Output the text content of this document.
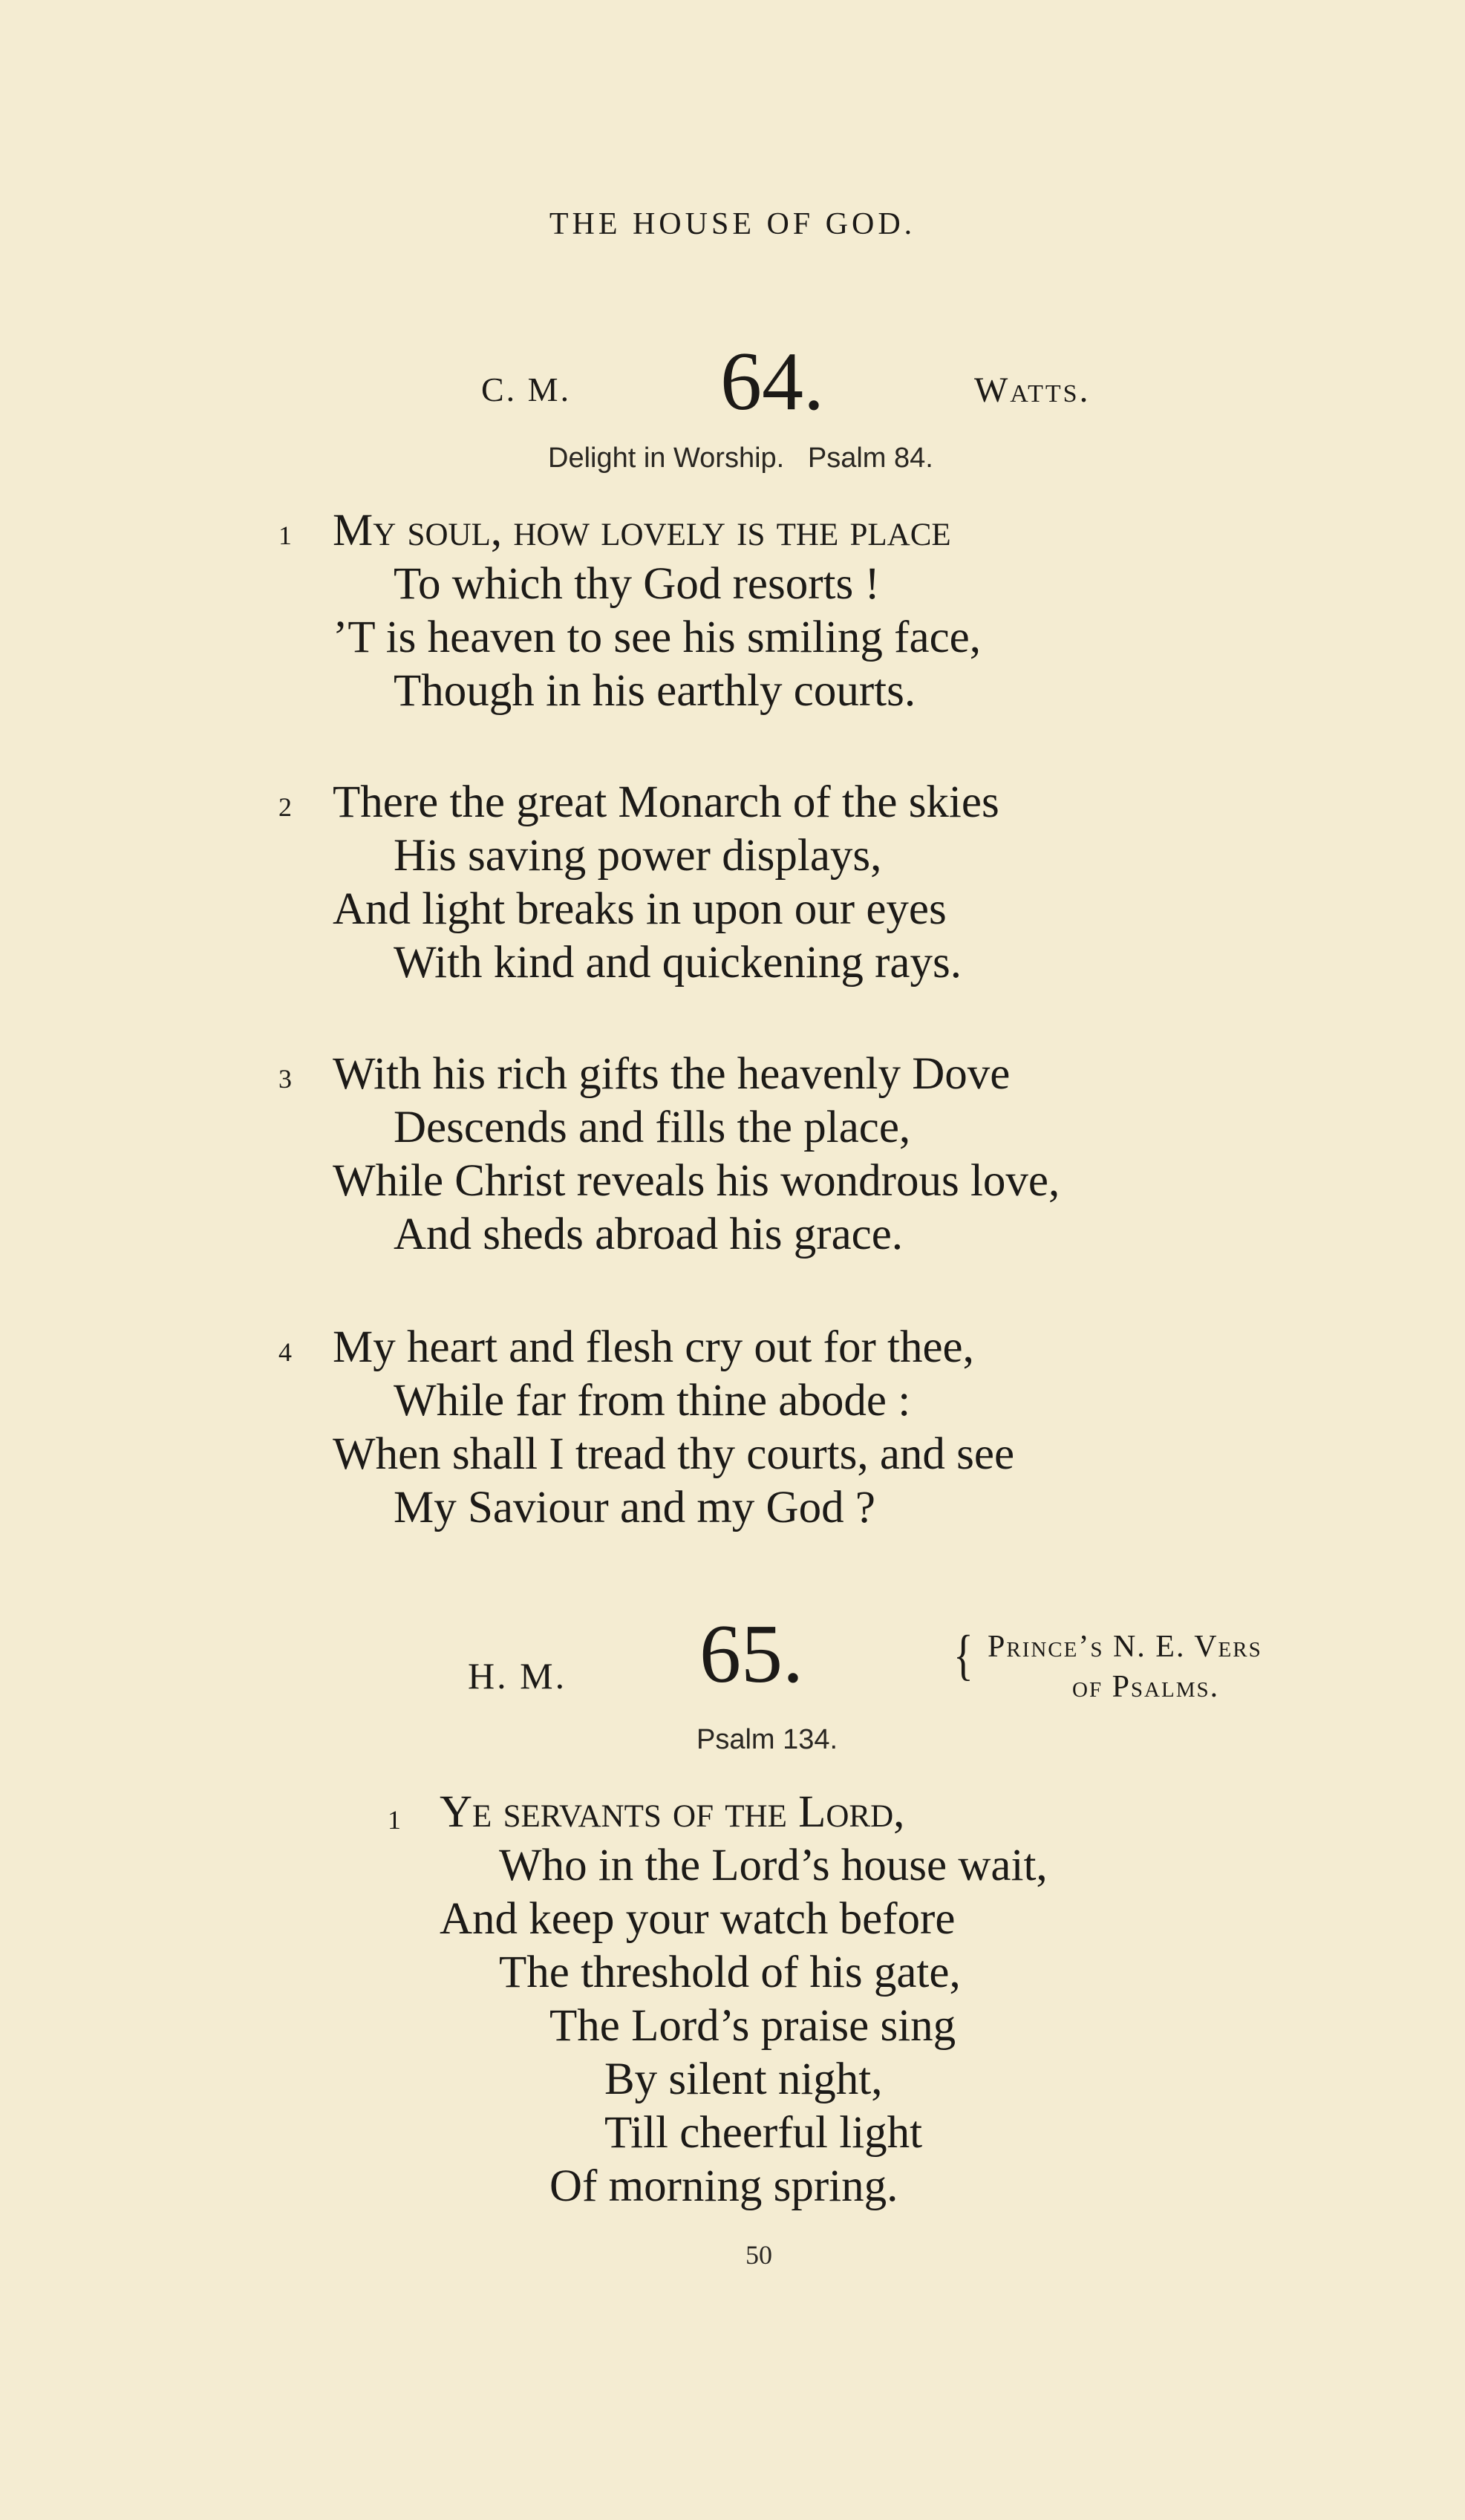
THE HOUSE OF GOD.
C. M. 64.	Watts.
Delight in Worship.   Psalm 84.
1 My soul, how lovely is the place
To which thy God resorts !
’T is heaven to see his smiling face,
Though in his earthly courts.
2 There the great Monarch of the skies
His saving power displays,
And light breaks in upon our eyes
With kind and quickening rays.
3 With his rich gifts the heavenly Dove
Descends and fills the place,
While Christ reveals his wondrous love,
And sheds abroad his grace.
4 My heart and flesh cry out for thee,
While far from thine abode :
When shall I tread thy courts, and see
My Saviour and my God ?
H. M. 65.	{ Prince’s N. E. Vers
of Psalms.
Psalm 134.
1 Ye servants of the Lord,
Who in the Lord’s house wait,
And keep your watch before
The threshold of his gate,
The Lord’s praise sing
By silent night,
Till cheerful light
Of morning spring.
50
